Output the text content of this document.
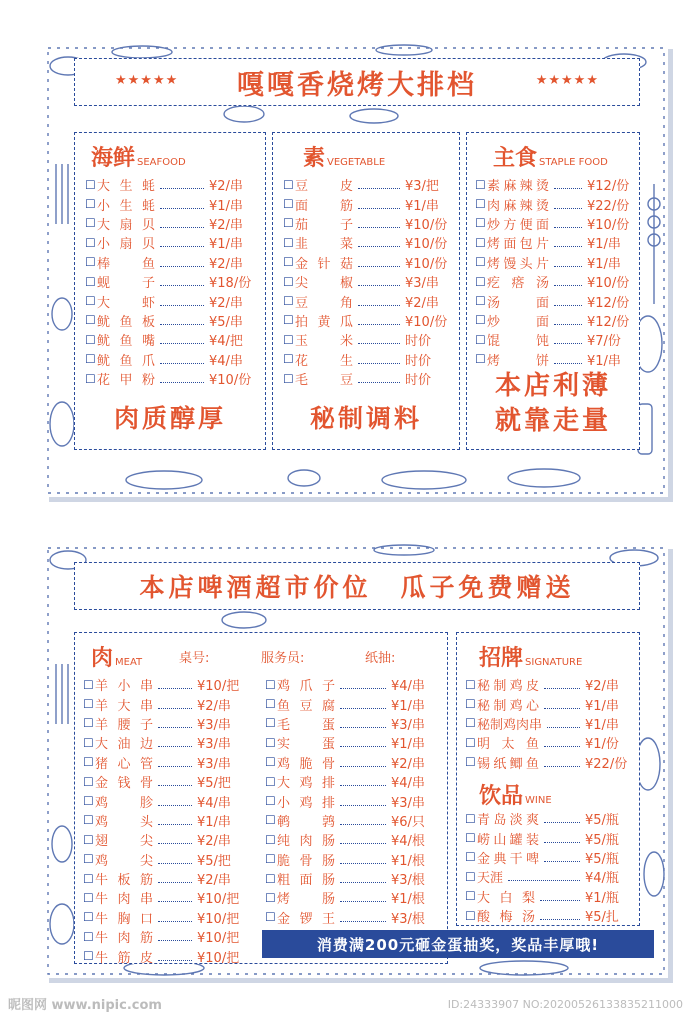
★★★★★ 嘎嘎香烧烤大排档	★★★★★
海鲜 SEAFOOD
☐ 大生蚝	¥2/串
☐ 小生蚝	¥1/串
☐ 大扇贝	¥2/串
☐ 小扇贝	¥1/串
☐ 棒 鱼	¥2/串
☐ 蚬 子	¥18/份
☐ 大 虾	¥2/串
☐ 鱿鱼板	¥5/串
☐ 鱿鱼嘴	¥4/把
☐ 鱿鱼爪	¥4/串
☐ 花甲粉	¥10/份
肉质醇厚
素VEGETABLE
☐ 豆 皮	¥3/把
☐ 面 筋	¥1/串
☐ 茄 子	¥10/份
☐ 韭 菜	¥10/份
☐ 金针菇	¥10/份
☐ 尖 椒	¥3/串
☐ 豆 角	¥2/串
☐ 拍黄瓜	¥10/份
☐ 玉 米	时价
☐ 花 生	时价
☐ 毛 豆	时价
秘制调料
主食 STAPLE FOOD
☐ 素麻辣烫	¥12/份
☐ 肉麻辣烫	¥22/份
☐ 炒方便面	¥10/份
☐ 烤面包片	¥1/串
☐ 烤馒头片	¥1/串
☐ 疙瘩汤	¥10/份
☐ 汤 面	¥12/份
☐ 炒 面	¥12/份
☐ 馄 饨	¥7/份
☐ 烤 饼	¥1/串
本店利薄
就靠走量
本店啤酒超市价位　瓜子免费赠送
肉MEAT	桌号:	服务员:	纸抽:
☐ 羊小串	¥10/把
☐ 羊大串	¥2/串
☐ 羊腰子	¥3/串
☐ 大油边	¥3/串
☐ 猪心管	¥3/串
☐ 金钱骨	¥5/把
☐ 鸡 胗	¥4/串
☐ 鸡 头	¥1/串
☐ 翅 尖	¥2/串
☐ 鸡 尖	¥5/把
☐ 牛板筋	¥2/串
☐ 牛肉串	¥10/把
☐ 牛胸口	¥10/把
☐ 牛肉筋	¥10/把
☐ 牛筋皮	¥10/把
☐ 鸡爪子	¥4/串
☐ 鱼豆腐	¥1/串
☐ 毛 蛋	¥3/串
☐ 实 蛋	¥1/串
☐ 鸡脆骨	¥2/串
☐ 大鸡排	¥4/串
☐ 小鸡排	¥3/串
☐ 鹌 鹑	¥6/只
☐ 纯肉肠	¥4/根
☐ 脆骨肠	¥1/根
☐ 粗面肠	¥3/根
☐ 烤 肠	¥1/根
☐ 金锣王	¥3/根
招牌 SIGNATURE
☐ 秘制鸡皮	¥2/串
☐ 秘制鸡心	¥1/串
☐ 秘制鸡肉串	¥1/串
☐ 明太鱼	¥1/份
☐ 锡纸鲫鱼	¥22/份
饮品 WINE
☐ 青岛淡爽	¥5/瓶
☐ 崂山罐装	¥5/瓶
☐ 金典干啤	¥5/瓶
☐ 天涯	¥4/瓶
☐ 大白梨	¥1/瓶
☐ 酸梅汤	¥5/扎
消费满200元砸金蛋抽奖，奖品丰厚哦!
昵图网 www.nipic.com	ID:24333907 NO:20200526133835211000
